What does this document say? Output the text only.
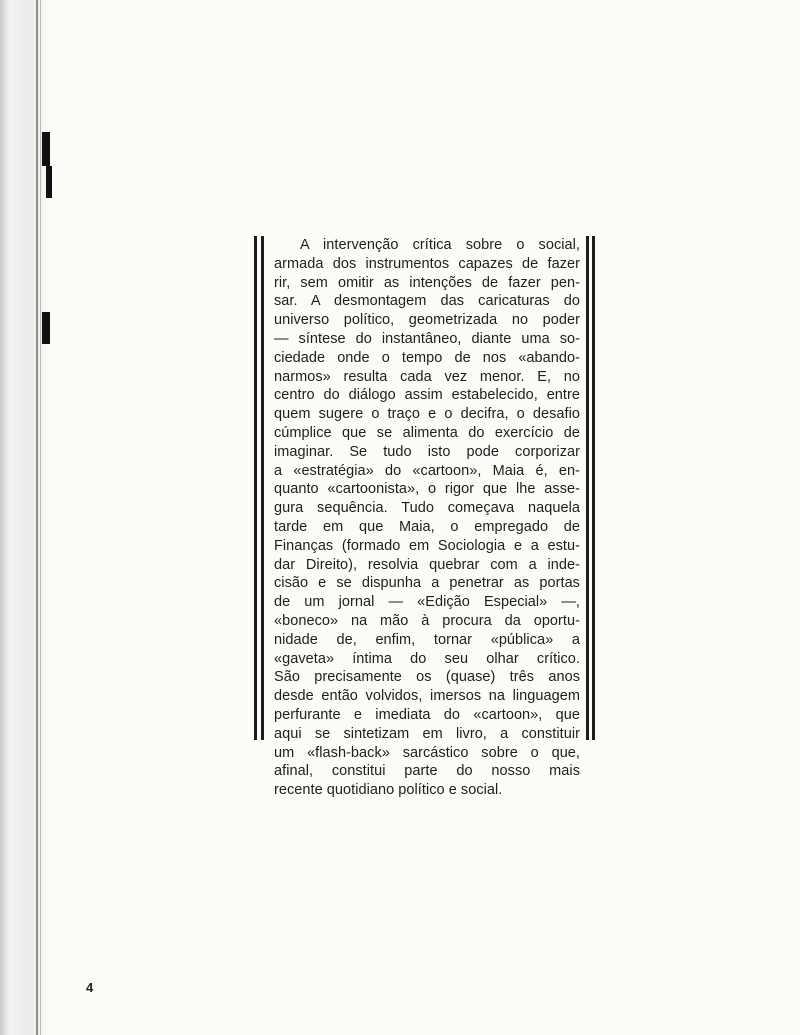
A intervenção crítica sobre o social,
armada dos instrumentos capazes de fazer
rir, sem omitir as intenções de fazer pen-
sar. A desmontagem das caricaturas do
universo político, geometrizada no poder
— síntese do instantâneo, diante uma so-
ciedade onde o tempo de nos «abando-
narmos» resulta cada vez menor. E, no
centro do diálogo assim estabelecido, entre
quem sugere o traço e o decifra, o desafio
cúmplice que se alimenta do exercício de
imaginar. Se tudo isto pode corporizar
a «estratégia» do «cartoon», Maia é, en-
quanto «cartoonista», o rigor que lhe asse-
gura sequência. Tudo começava naquela
tarde em que Maia, o empregado de
Finanças (formado em Sociologia e a estu-
dar Direito), resolvia quebrar com a inde-
cisão e se dispunha a penetrar as portas
de um jornal — «Edição Especial» —,
«boneco» na mão à procura da oportu-
nidade de, enfim, tornar «pública» a
«gaveta» íntima do seu olhar crítico.
São precisamente os (quase) três anos
desde então volvidos, imersos na linguagem
perfurante e imediata do «cartoon», que
aqui se sintetizam em livro, a constituir
um «flash-back» sarcástico sobre o que,
afinal, constitui parte do nosso mais
recente quotidiano político e social.

4
